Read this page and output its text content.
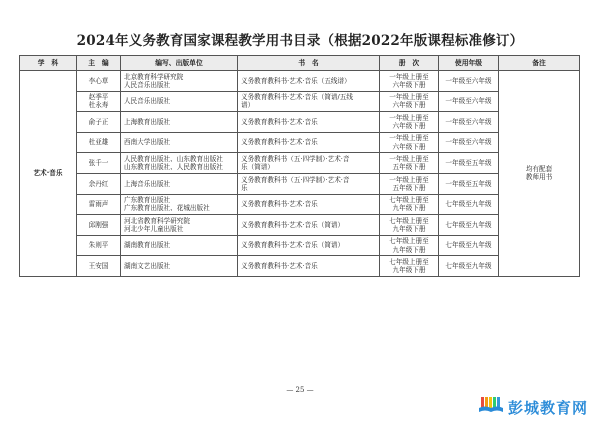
2024年义务教育国家课程教学用书目录（根据2022年版课程标准修订）
学　科	主　编	编写、出版单位	书　名	册　次	使用年级	备注
艺术·音乐	李心草	北京教育科学研究院
人民音乐出版社	义务教育教科书·艺术·音乐（五线谱）	一年级上册至
六年级下册	一年级至六年级	均有配套
教师用书
	赵季平
杜永寿	人民音乐出版社	义务教育教科书·艺术·音乐（简谱/五线
谱）	一年级上册至
六年级下册	一年级至六年级	
	俞子正	上海教育出版社	义务教育教科书·艺术·音乐	一年级上册至
六年级下册	一年级至六年级	
	杜亚雄	西南大学出版社	义务教育教科书·艺术·音乐	一年级上册至
六年级下册	一年级至六年级	
	张千一	人民教育出版社、山东教育出版社
山东教育出版社、人民教育出版社	义务教育教科书（五·四学制）·艺术·音
乐（简谱）	一年级上册至
五年级下册	一年级至五年级	
	余丹红	上海音乐出版社	义务教育教科书（五·四学制）·艺术·音
乐	一年级上册至
五年级下册	一年级至五年级	
	雷雨声	广东教育出版社
广东教育出版社、花城出版社	义务教育教科书·艺术·音乐	七年级上册至
九年级下册	七年级至九年级	
	邱刚强	河北省教育科学研究院
河北少年儿童出版社	义务教育教科书·艺术·音乐（简谱）	七年级上册至
九年级下册	七年级至九年级	
	朱则平	湖南教育出版社	义务教育教科书·艺术·音乐（简谱）	七年级上册至
九年级下册	七年级至九年级	
	王安国	湖南文艺出版社	义务教育教科书·艺术·音乐	七年级上册至
九年级下册	七年级至九年级	
— 25 —
彭城教育网
